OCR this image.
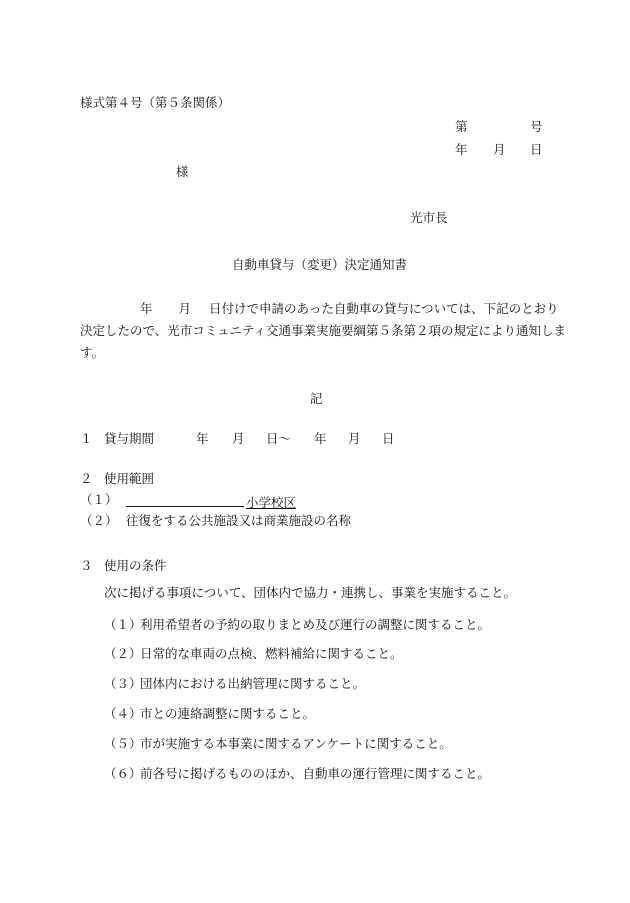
様式第４号（第５条関係）
第	号
年 月 日
様
光市長
自動車貸与（変更）決定通知書
年 月 日付けで申請のあった自動車の貸与については、下記のとおり
決定したので、光市コミュニティ交通事業実施要綱第５条第２項の規定により通知しま
す。
記
１ 貸与期間	年 月 日～ 年 月 日
２ 使用範囲
（１）	小学校区
（２） 往復をする公共施設又は商業施設の名称
３ 使用の条件
次に掲げる事項について、団体内で協力・連携し、事業を実施すること。
（１）
利用希望者の予約の取りまとめ及び運行の調整に関すること。
（２）
日常的な車両の点検、燃料補給に関すること。
（３）
団体内における出納管理に関すること。
（４）
市との連絡調整に関すること。
（５）
市が実施する本事業に関するアンケートに関すること。
（６）
前各号に掲げるもののほか、自動車の運行管理に関すること。
